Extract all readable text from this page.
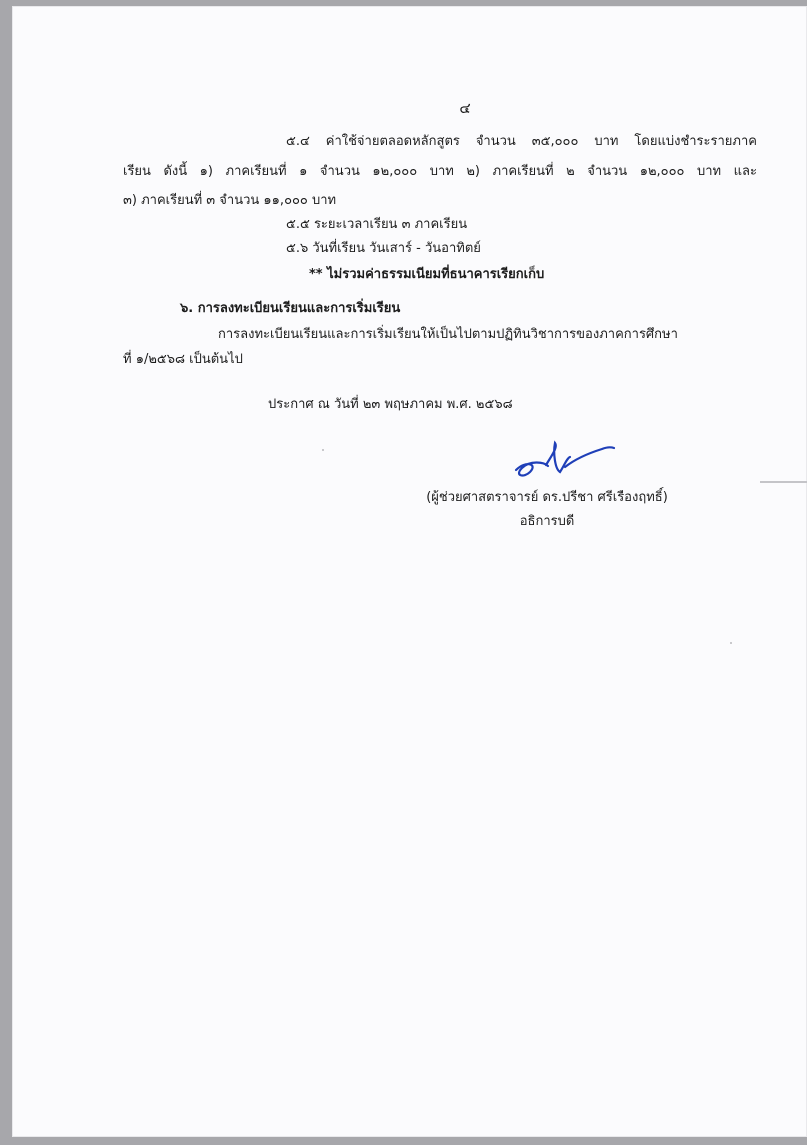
๔
๕.๔ ค่าใช้จ่ายตลอดหลักสูตร จำนวน ๓๕,๐๐๐ บาท โดยแบ่งชำระรายภาค
เรียน ดังนี้ ๑) ภาคเรียนที่ ๑ จำนวน ๑๒,๐๐๐ บาท ๒) ภาคเรียนที่ ๒ จำนวน ๑๒,๐๐๐ บาท และ
๓) ภาคเรียนที่ ๓ จำนวน ๑๑,๐๐๐ บาท
๕.๕ ระยะเวลาเรียน ๓ ภาคเรียน
๕.๖ วันที่เรียน วันเสาร์ - วันอาทิตย์
** ไม่รวมค่าธรรมเนียมที่ธนาคารเรียกเก็บ
๖. การลงทะเบียนเรียนและการเริ่มเรียน
การลงทะเบียนเรียนและการเริ่มเรียนให้เป็นไปตามปฏิทินวิชาการของภาคการศึกษา
ที่ ๑/๒๕๖๘ เป็นต้นไป
ประกาศ ณ วันที่ ๒๓ พฤษภาคม พ.ศ. ๒๕๖๘
(ผู้ช่วยศาสตราจารย์ ดร.ปรีชา ศรีเรืองฤทธิ์)
อธิการบดี
